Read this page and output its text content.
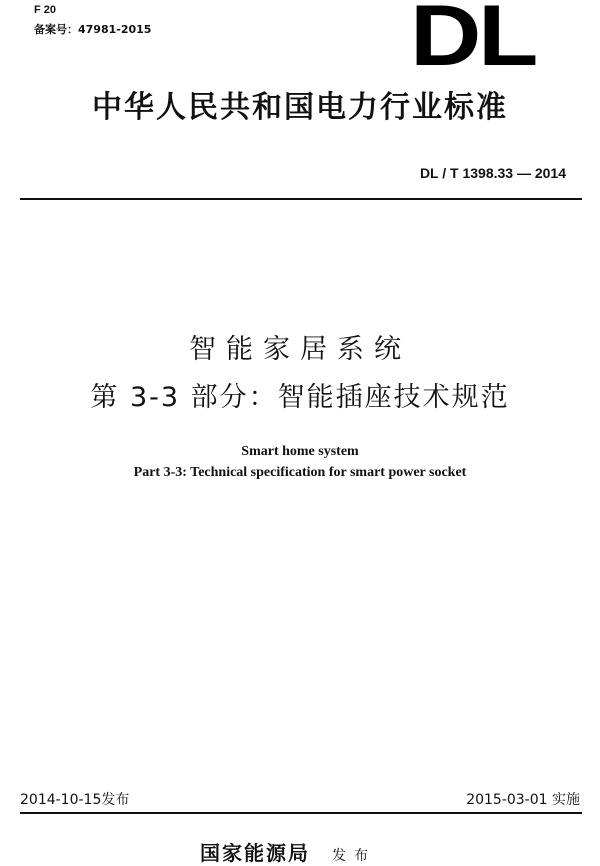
F 20
备案号：47981-2015	DL
中华人民共和国电力行业标准
DL / T 1398.33 — 2014
智能家居系统
第 3-3 部分：智能插座技术规范
Smart home system
Part 3-3: Technical specification for smart power socket
2014-10-15发布	2015-03-01 实施
国家能源局 发布
